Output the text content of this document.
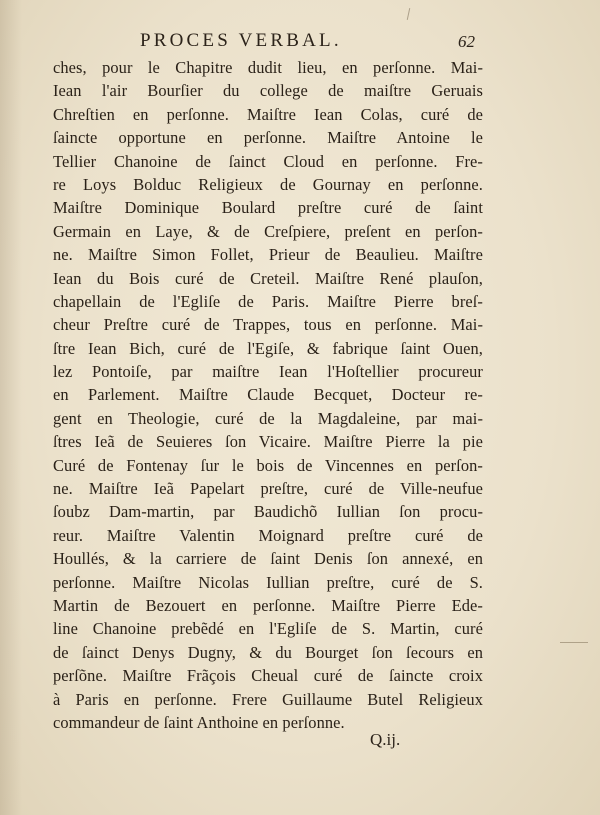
PROCES VERBAL.	62
ches, pour le Chapitre dudit lieu, en perſonne. Mai-
Iean l'air Bourſier du college de maiſtre Geruais
Chreſtien en perſonne. Maiſtre Iean Colas, curé de
ſaincte opportune en perſonne. Maiſtre Antoine le
Tellier Chanoine de ſainct Cloud en perſonne. Fre-
re Loys Bolduc Religieux de Gournay en perſonne.
Maiſtre Dominique Boulard preſtre curé de ſaint
Germain en Laye, & de Creſpiere, preſent en perſon-
ne. Maiſtre Simon Follet, Prieur de Beaulieu. Maiſtre
Iean du Bois curé de Creteil. Maiſtre René plauſon,
chapellain de l'Egliſe de Paris. Maiſtre Pierre breſ-
cheur Preſtre curé de Trappes, tous en perſonne. Mai-
ſtre Iean Bich, curé de l'Egiſe, & fabrique ſaint Ouen,
lez Pontoiſe, par maiſtre Iean l'Hoſtellier procureur
en Parlement. Maiſtre Claude Becquet, Docteur re-
gent en Theologie, curé de la Magdaleine, par mai-
ſtres Ieã de Seuieres ſon Vicaire. Maiſtre Pierre la pie
Curé de Fontenay ſur le bois de Vincennes en perſon-
ne. Maiſtre Ieã Papelart preſtre, curé de Ville-neufue
ſoubz Dam-martin, par Baudichõ Iullian ſon procu-
reur. Maiſtre Valentin Moignard preſtre curé de
Houllés, & la carriere de ſaint Denis ſon annexé, en
perſonne. Maiſtre Nicolas Iullian preſtre, curé de S.
Martin de Bezouert en perſonne. Maiſtre Pierre Ede-
line Chanoine prebẽdé en l'Egliſe de S. Martin, curé
de ſainct Denys Dugny, & du Bourget ſon ſecours en
perſõne. Maiſtre Frãçois Cheual curé de ſaincte croix
à Paris en perſonne. Frere Guillaume Butel Religieux
commandeur de ſaint Anthoine en perſonne.
Q.ij.
